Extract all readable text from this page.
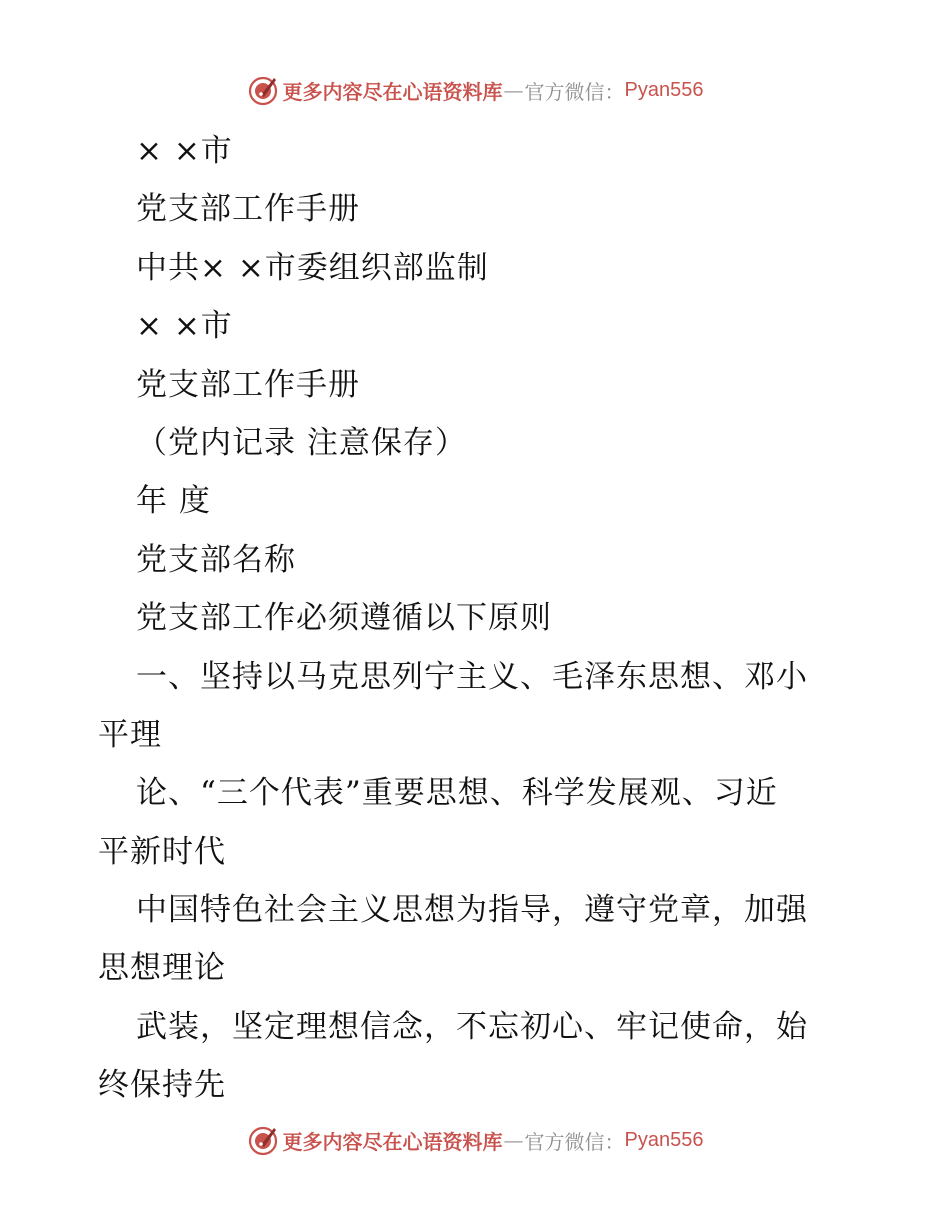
更多内容尽在心语资料库 — 官方微信： Pyan556
× ×市
党支部工作手册
中共× ×市委组织部监制
× ×市
党支部工作手册
（党内记录 注意保存）
年 度
党支部名称
党支部工作必须遵循以下原则
一、坚持以马克思列宁主义、毛泽东思想、邓小
平理
论、“三个代表”重要思想、科学发展观、习近
平新时代
中国特色社会主义思想为指导，遵守党章，加强
思想理论
武装，坚定理想信念，不忘初心、牢记使命，始
终保持先
更多内容尽在心语资料库 — 官方微信： Pyan556
